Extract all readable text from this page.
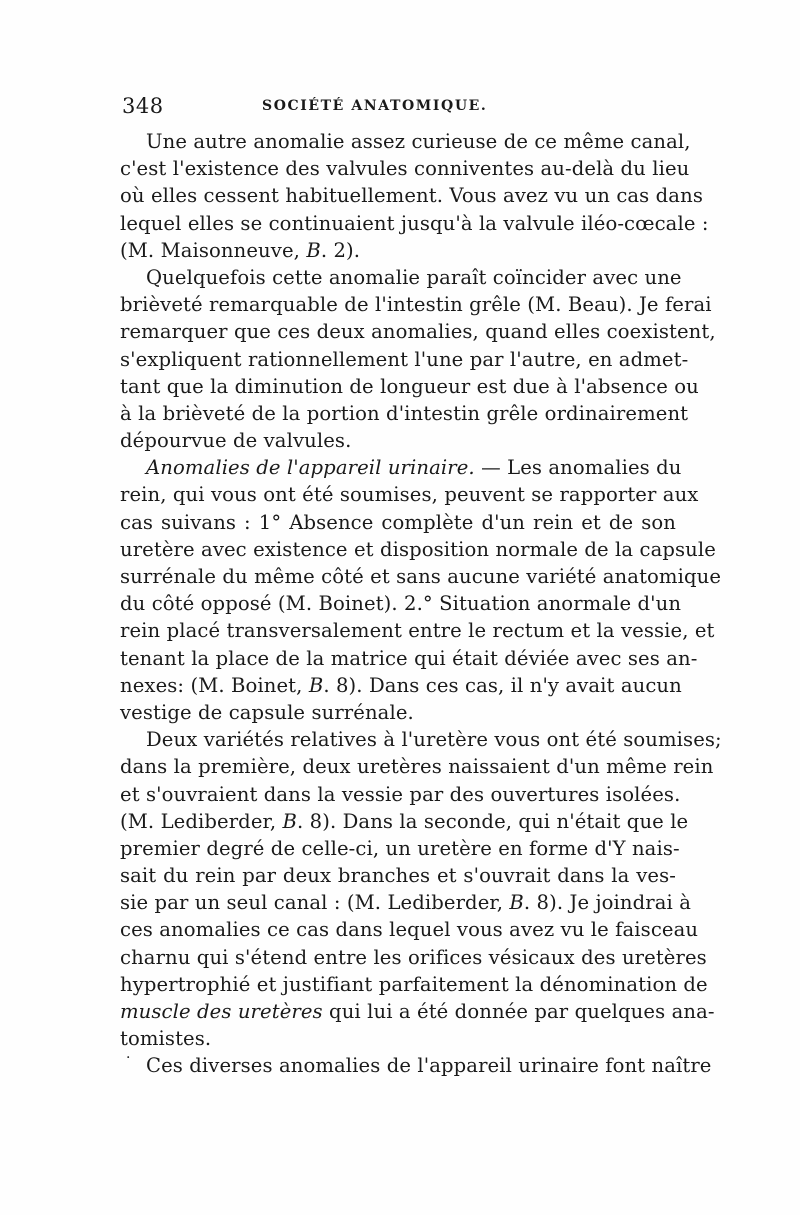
348	SOCIÉTÉ ANATOMIQUE.
Une autre anomalie assez curieuse de ce même canal,
c'est l'existence des valvules conniventes au-delà du lieu
où elles cessent habituellement. Vous avez vu un cas dans
lequel elles se continuaient jusqu'à la valvule iléo-cœcale :
(M. Maisonneuve, B. 2).
Quelquefois cette anomalie paraît coïncider avec une
brièveté remarquable de l'intestin grêle (M. Beau). Je ferai
remarquer que ces deux anomalies, quand elles coexistent,
s'expliquent rationnellement l'une par l'autre, en admet-
tant que la diminution de longueur est due à l'absence ou
à la brièveté de la portion d'intestin grêle ordinairement
dépourvue de valvules.
Anomalies de l'appareil urinaire. — Les anomalies du
rein, qui vous ont été soumises, peuvent se rapporter aux
cas suivans : 1° Absence complète d'un rein et de son
uretère avec existence et disposition normale de la capsule
surrénale du même côté et sans aucune variété anatomique
du côté opposé (M. Boinet). 2.° Situation anormale d'un
rein placé transversalement entre le rectum et la vessie, et
tenant la place de la matrice qui était déviée avec ses an-
nexes: (M. Boinet, B. 8). Dans ces cas, il n'y avait aucun
vestige de capsule surrénale.
Deux variétés relatives à l'uretère vous ont été soumises;
dans la première, deux uretères naissaient d'un même rein
et s'ouvraient dans la vessie par des ouvertures isolées.
(M. Lediberder, B. 8). Dans la seconde, qui n'était que le
premier degré de celle-ci, un uretère en forme d'Y nais-
sait du rein par deux branches et s'ouvrait dans la ves-
sie par un seul canal : (M. Lediberder, B. 8). Je joindrai à
ces anomalies ce cas dans lequel vous avez vu le faisceau
charnu qui s'étend entre les orifices vésicaux des uretères
hypertrophié et justifiant parfaitement la dénomination de
muscle des uretères qui lui a été donnée par quelques ana-
tomistes.
Ces diverses anomalies de l'appareil urinaire font naître
·
